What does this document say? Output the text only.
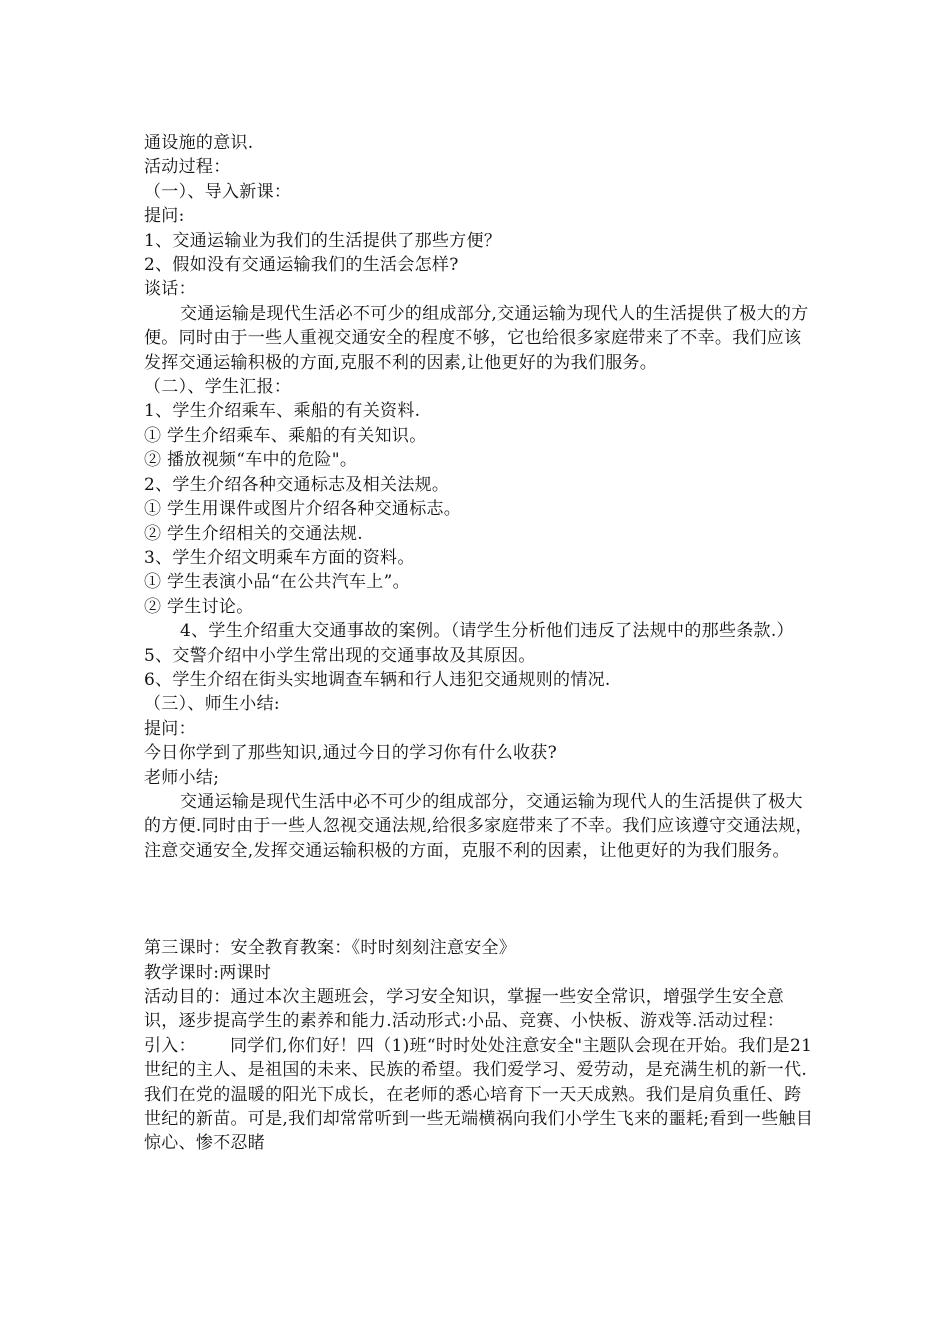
通设施的意识.

活动过程：

（一）、导入新课：

提问:

1、交通运输业为我们的生活提供了那些方便？

2、假如没有交通运输我们的生活会怎样?

谈话：

交通运输是现代生活必不可少的组成部分,交通运输为现代人的生活提供了极大的方便。同时由于一些人重视交通安全的程度不够，它也给很多家庭带来了不幸。我们应该发挥交通运输积极的方面,克服不利的因素,让他更好的为我们服务。

（二）、学生汇报：

1、学生介绍乘车、乘船的有关资料.

① 学生介绍乘车、乘船的有关知识。

② 播放视频“车中的危险"。

2、学生介绍各种交通标志及相关法规。

① 学生用课件或图片介绍各种交通标志。

② 学生介绍相关的交通法规.

3、学生介绍文明乘车方面的资料。

① 学生表演小品“在公共汽车上”。

② 学生讨论。

4、学生介绍重大交通事故的案例。（请学生分析他们违反了法规中的那些条款.）

5、交警介绍中小学生常出现的交通事故及其原因。

6、学生介绍在街头实地调查车辆和行人违犯交通规则的情况.

（三）、师生小结:

提问：

今日你学到了那些知识,通过今日的学习你有什么收获?

老师小结;

交通运输是现代生活中必不可少的组成部分，交通运输为现代人的生活提供了极大的方便.同时由于一些人忽视交通法规,给很多家庭带来了不幸。我们应该遵守交通法规，注意交通安全,发挥交通运输积极的方面，克服不利的因素，让他更好的为我们服务。

第三课时：安全教育教案：《时时刻刻注意安全》

教学课时:两课时

活动目的：通过本次主题班会，学习安全知识，掌握一些安全常识，增强学生安全意识，逐步提高学生的素养和能力.活动形式:小品、竞赛、小快板、游戏等.活动过程：        引入：      同学们,你们好！四（1)班“时时处处注意安全"主题队会现在开始。我们是21世纪的主人、是祖国的未来、民族的希望。我们爱学习、爱劳动，是充满生机的新一代.我们在党的温暖的阳光下成长，在老师的悉心培育下一天天成熟。我们是肩负重任、跨世纪的新苗。可是,我们却常常听到一些无端横祸向我们小学生飞来的噩耗;看到一些触目惊心、惨不忍睹
